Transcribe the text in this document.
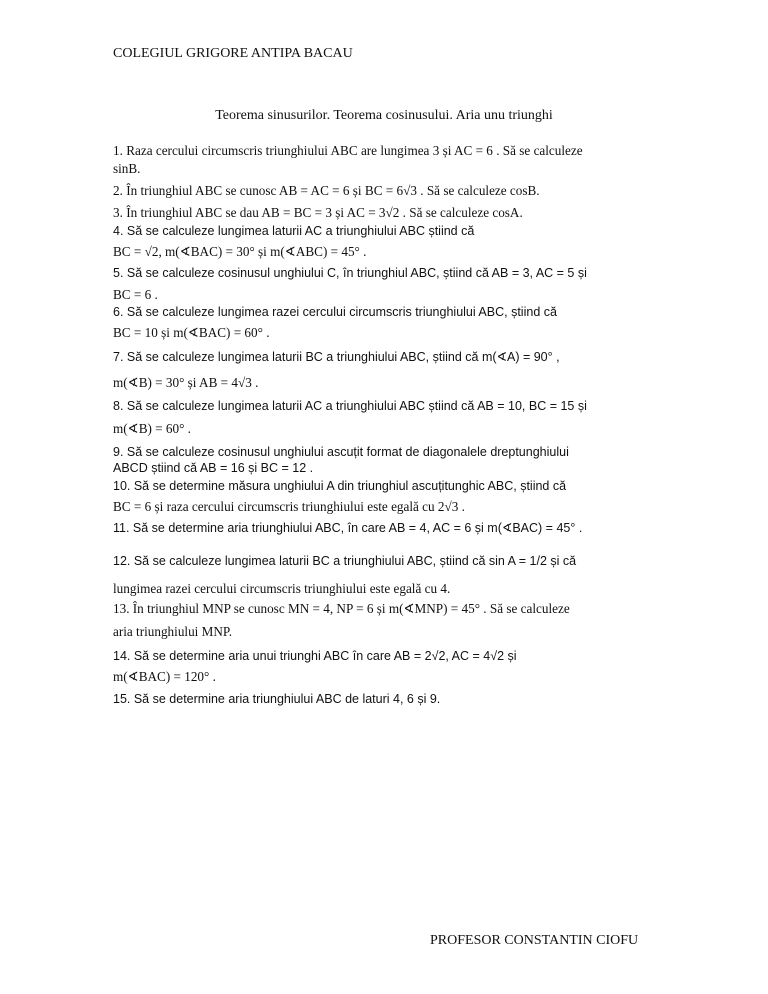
COLEGIUL GRIGORE ANTIPA BACAU
Teorema sinusurilor. Teorema cosinusului. Aria unu triunghi
1. Raza cercului circumscris triunghiului ABC are lungimea 3 și AC = 6 . Să se calculeze
sinB.
2. În triunghiul ABC se cunosc AB = AC = 6 și BC = 6√3 . Să se calculeze cosB.
3. În triunghiul ABC se dau AB = BC = 3 și AC = 3√2 . Să se calculeze cosA.
4. Să se calculeze lungimea laturii AC a triunghiului ABC știind că
BC = √2, m(∢BAC) = 30° și m(∢ABC) = 45° .
5. Să se calculeze cosinusul unghiului C, în triunghiul ABC, știind că AB = 3, AC = 5 și
BC = 6 .
6. Să se calculeze lungimea razei cercului circumscris triunghiului ABC, știind că
BC = 10 și m(∢BAC) = 60° .
7. Să se calculeze lungimea laturii BC a triunghiului ABC, știind că m(∢A) = 90° ,
m(∢B) = 30° și AB = 4√3 .
8. Să se calculeze lungimea laturii AC a triunghiului ABC știind că AB = 10, BC = 15 și
m(∢B) = 60° .
9. Să se calculeze cosinusul unghiului ascuțit format de diagonalele dreptunghiului
ABCD știind că AB = 16 și BC = 12 .
10. Să se determine măsura unghiului A din triunghiul ascuțitunghic ABC, știind că
BC = 6 și raza cercului circumscris triunghiului este egală cu 2√3 .
11. Să se determine aria triunghiului ABC, în care AB = 4, AC = 6 și m(∢BAC) = 45° .
12. Să se calculeze lungimea laturii BC a triunghiului ABC, știind că sin A = 1/2 și că
lungimea razei cercului circumscris triunghiului este egală cu 4.
13. În triunghiul MNP se cunosc MN = 4, NP = 6 și m(∢MNP) = 45° . Să se calculeze
aria triunghiului MNP.
14. Să se determine aria unui triunghi ABC în care AB = 2√2, AC = 4√2 și
m(∢BAC) = 120° .
15. Să se determine aria triunghiului ABC de laturi 4, 6 și 9.
PROFESOR CONSTANTIN CIOFU
